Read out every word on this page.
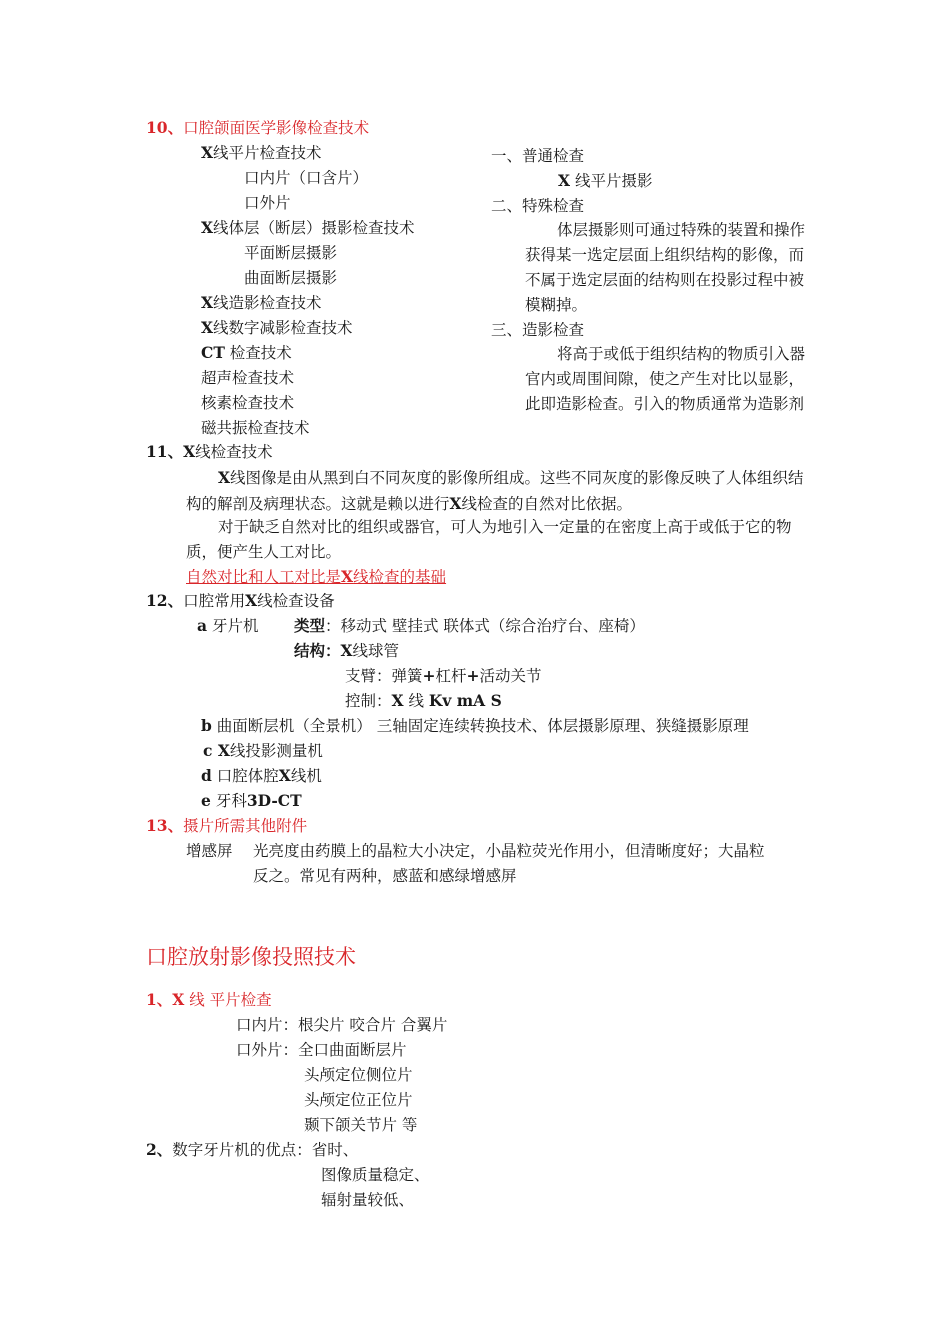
10、口腔颌面医学影像检查技术
X线平片检查技术
口内片（口含片）
口外片
X线体层（断层）摄影检查技术
平面断层摄影
曲面断层摄影
X线造影检查技术
X线数字减影检查技术
CT 检查技术
超声检查技术
核素检查技术
磁共振检查技术
一、普通检查
X 线平片摄影
二、特殊检查
体层摄影则可通过特殊的装置和操作获得某一选定层面上组织结构的影像，而不属于选定层面的结构则在投影过程中被模糊掉。
三、造影检查
将高于或低于组织结构的物质引入器官内或周围间隙，使之产生对比以显影，此即造影检查。引入的物质通常为造影剂
11、X线检查技术
X线图像是由从黑到白不同灰度的影像所组成。这些不同灰度的影像反映了人体组织结构的解剖及病理状态。这就是赖以进行X线检查的自然对比依据。
对于缺乏自然对比的组织或器官，可人为地引入一定量的在密度上高于或低于它的物质，便产生人工对比。
自然对比和人工对比是X线检查的基础
12、口腔常用X线检查设备
a 牙片机 类型：移动式 壁挂式 联体式（综合治疗台、座椅）
结构：X线球管
支臂：弹簧+杠杆+活动关节
控制：X 线 Kv mA S
b 曲面断层机（全景机） 三轴固定连续转换技术、体层摄影原理、狭缝摄影原理
c X线投影测量机
d 口腔体腔X线机
e 牙科3D-CT
13、摄片所需其他附件
增感屏 光亮度由药膜上的晶粒大小决定，小晶粒荧光作用小，但清晰度好；大晶粒
反之。常见有两种，感蓝和感绿增感屏
口腔放射影像投照技术
1、X 线 平片检查
口内片：根尖片 咬合片 合翼片
口外片：全口曲面断层片
头颅定位侧位片
头颅定位正位片
颞下颌关节片 等
2、数字牙片机的优点：省时、
图像质量稳定、
辐射量较低、
